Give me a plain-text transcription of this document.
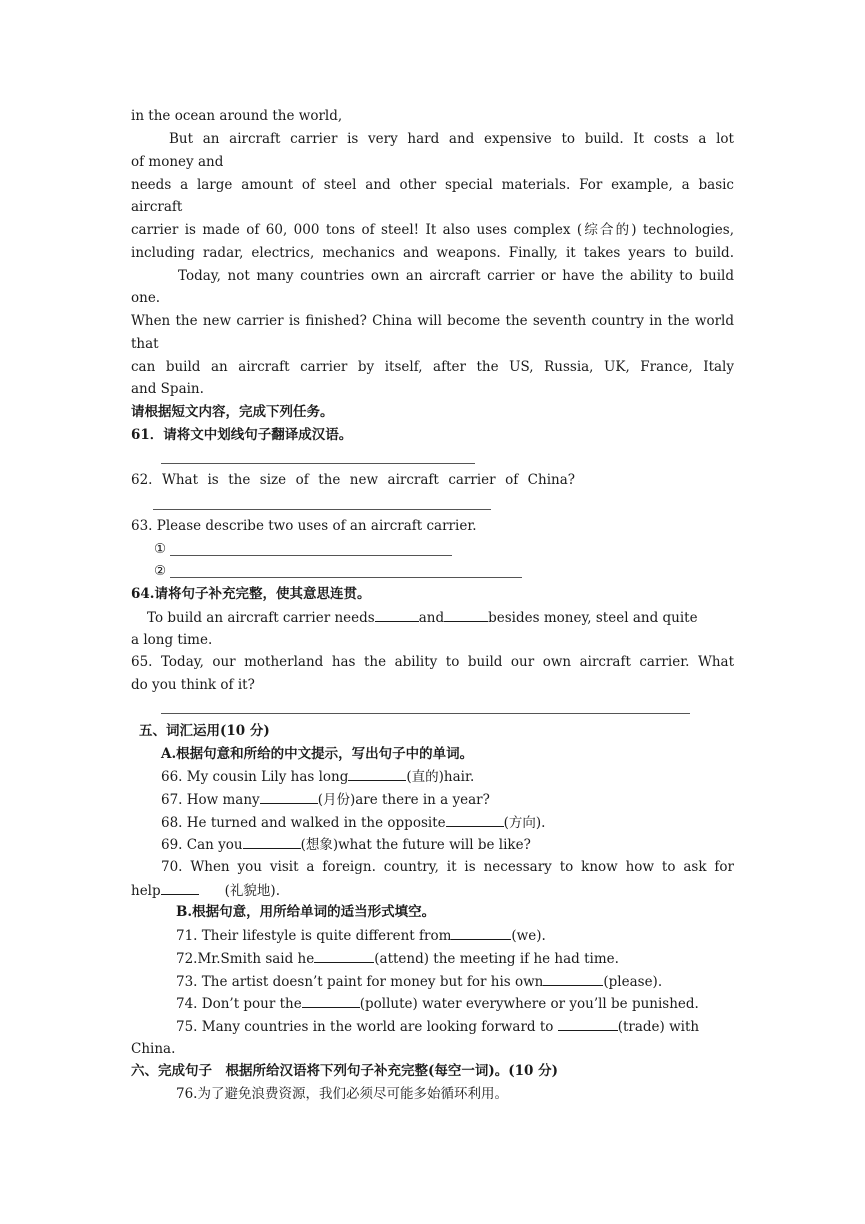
in the ocean around the world,
But an aircraft carrier is very hard and expensive to build. It costs a lot
of money and
needs a large amount of steel and other special materials. For example, a basic
aircraft
carrier is made of 60, 000 tons of steel! It also uses complex (综合的) technologies,
including radar, electrics, mechanics and weapons. Finally, it takes years to build.
Today, not many countries own an aircraft carrier or have the ability to build
one.
When the new carrier is finished? China will become the seventh country in the world
that
can build an aircraft carrier by itself, after the US, Russia, UK, France, Italy
and Spain.
请根据短文内容，完成下列任务。
61．请将文中划线句子翻译成汉语。
62. What is the size of the new aircraft carrier of China?
63. Please describe two uses of an aircraft carrier.
①
②
64.请将句子补充完整，使其意思连贯。
To build an aircraft carrier needs	and	besides money, steel and quite
a long time.
65. Today, our motherland has the ability to build our own aircraft carrier. What
do you think of it?
五、词汇运用(10 分)
A.根据句意和所给的中文提示，写出句子中的单词。
66. My cousin Lily has long	(直的)hair.
67. How many	(月份)are there in a year?
68. He turned and walked in the opposite	(方向).
69. Can you	(想象)what the future will be like?
70. When you visit a foreign. country, it is necessary to know how to ask for
help	(礼貌地).
B.根据句意，用所给单词的适当形式填空。
71. Their lifestyle is quite different from	(we).
72.Mr.Smith said he	(attend) the meeting if he had time.
73. The artist doesn’t paint for money but for his own	(please).
74. Don’t pour the	(pollute) water everywhere or you’ll be punished.
75. Many countries in the world are looking forward to	(trade) with
China.
六、完成句子　根据所给汉语将下列句子补充完整(每空一词)。(10 分)
76.为了避免浪费资源，我们必须尽可能多始循环利用。
